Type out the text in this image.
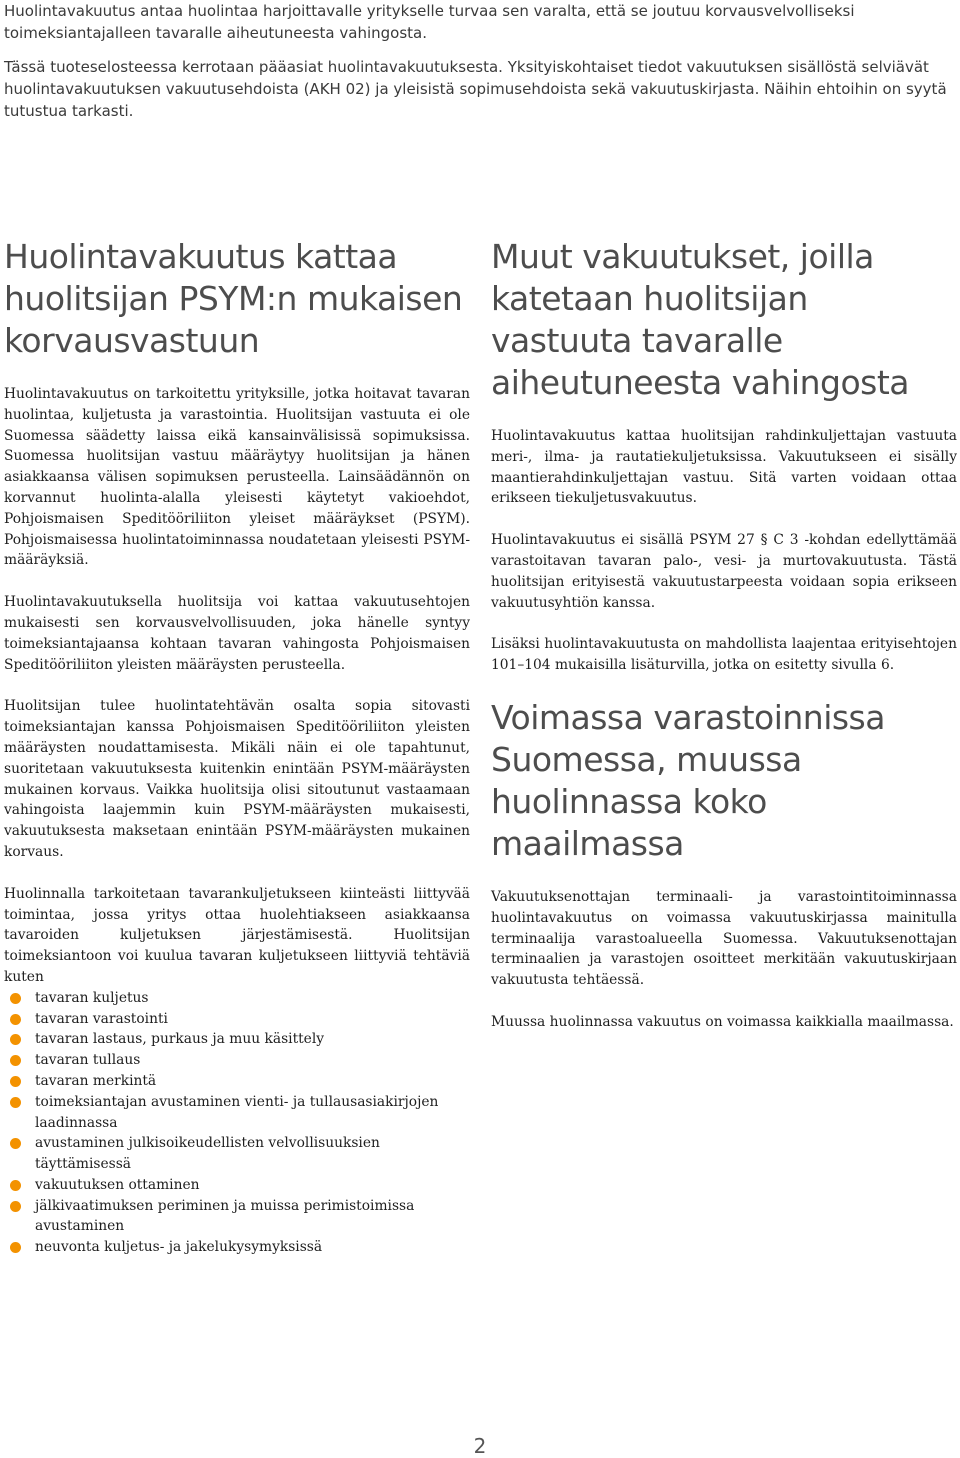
Huolintavakuutus antaa huolintaa harjoittavalle yritykselle turvaa sen varalta, että se joutuu korvausvelvolliseksi toimeksiantajalleen tavaralle aiheutuneesta vahingosta.

Tässä tuoteselosteessa kerrotaan pääasiat huolintavakuutuksesta. Yksityiskohtaiset tiedot vakuutuksen sisällöstä selviävät huolintavakuutuksen vakuutusehdoista (AKH 02) ja yleisistä sopimusehdoista sekä vakuutuskirjasta. Näihin ehtoihin on syytä tutustua tarkasti.

Huolintavakuutus kattaa huolitsijan PSYM:n mukaisen korvausvastuun

Huolintavakuutus on tarkoitettu yrityksille, jotka hoitavat tavaran huolintaa, kuljetusta ja varastointia. Huolitsijan vastuuta ei ole Suomessa säädetty laissa eikä kansainvälisissä sopimuksissa. Suomessa huolitsijan vastuu määräytyy huolitsijan ja hänen asiakkaansa välisen sopimuksen perusteella. Lainsäädännön on korvannut huolinta-alalla yleisesti käytetyt vakioehdot, Pohjoismaisen Speditööriliiton yleiset määräykset (PSYM). Pohjoismaisessa huolintatoiminnassa noudatetaan yleisesti PSYM-määräyksiä.

Huolintavakuutuksella huolitsija voi kattaa vakuutusehtojen mukaisesti sen korvausvelvollisuuden, joka hänelle syntyy toimeksiantajaansa kohtaan tavaran vahingosta Pohjoismaisen Speditööriliiton yleisten määräysten perusteella.

Huolitsijan tulee huolintatehtävän osalta sopia sitovasti toimeksiantajan kanssa Pohjoismaisen Speditööriliiton yleisten määräysten noudattamisesta. Mikäli näin ei ole tapahtunut, suoritetaan vakuutuksesta kuitenkin enintään PSYM-määräysten mukainen korvaus. Vaikka huolitsija olisi sitoutunut vastaamaan vahingoista laajemmin kuin PSYM-määräysten mukaisesti, vakuutuksesta maksetaan enintään PSYM-määräysten mukainen korvaus.

Huolinnalla tarkoitetaan tavarankuljetukseen kiinteästi liittyvää toimintaa, jossa yritys ottaa huolehtiakseen asiakkaansa tavaroiden kuljetuksen järjestämisestä. Huolitsijan toimeksiantoon voi kuulua tavaran kuljetukseen liittyviä tehtäviä kuten

tavaran kuljetus
tavaran varastointi
tavaran lastaus, purkaus ja muu käsittely
tavaran tullaus
tavaran merkintä
toimeksiantajan avustaminen vienti- ja tullausasiakirjojen laadinnassa
avustaminen julkisoikeudellisten velvollisuuksien täyttämisessä
vakuutuksen ottaminen
jälkivaatimuksen periminen ja muissa perimistoimissa avustaminen
neuvonta kuljetus- ja jakelukysymyksissä
Muut vakuutukset, joilla katetaan huolitsijan vastuuta tavaralle aiheutuneesta vahingosta

Huolintavakuutus kattaa huolitsijan rahdinkuljettajan vastuuta meri-, ilma- ja rautatiekuljetuksissa. Vakuutukseen ei sisälly maantierahdinkuljettajan vastuu. Sitä varten voidaan ottaa erikseen tiekuljetusvakuutus.

Huolintavakuutus ei sisällä PSYM 27 § C 3 -kohdan edellyttämää varastoitavan tavaran palo-, vesi- ja murtovakuutusta. Tästä huolitsijan erityisestä vakuutustarpeesta voidaan sopia erikseen vakuutusyhtiön kanssa.

Lisäksi huolintavakuutusta on mahdollista laajentaa erityisehtojen 101–104 mukaisilla lisäturvilla, jotka on esitetty sivulla 6.

Voimassa varastoinnissa Suomessa, muussa huolinnassa koko maailmassa

Vakuutuksenottajan terminaali- ja varastointitoiminnassa huolintavakuutus on voimassa vakuutuskirjassa mainitulla terminaalija varastoalueella Suomessa. Vakuutuksenottajan terminaalien ja varastojen osoitteet merkitään vakuutuskirjaan vakuutusta tehtäessä.

Muussa huolinnassa vakuutus on voimassa kaikkialla maailmassa.

2
